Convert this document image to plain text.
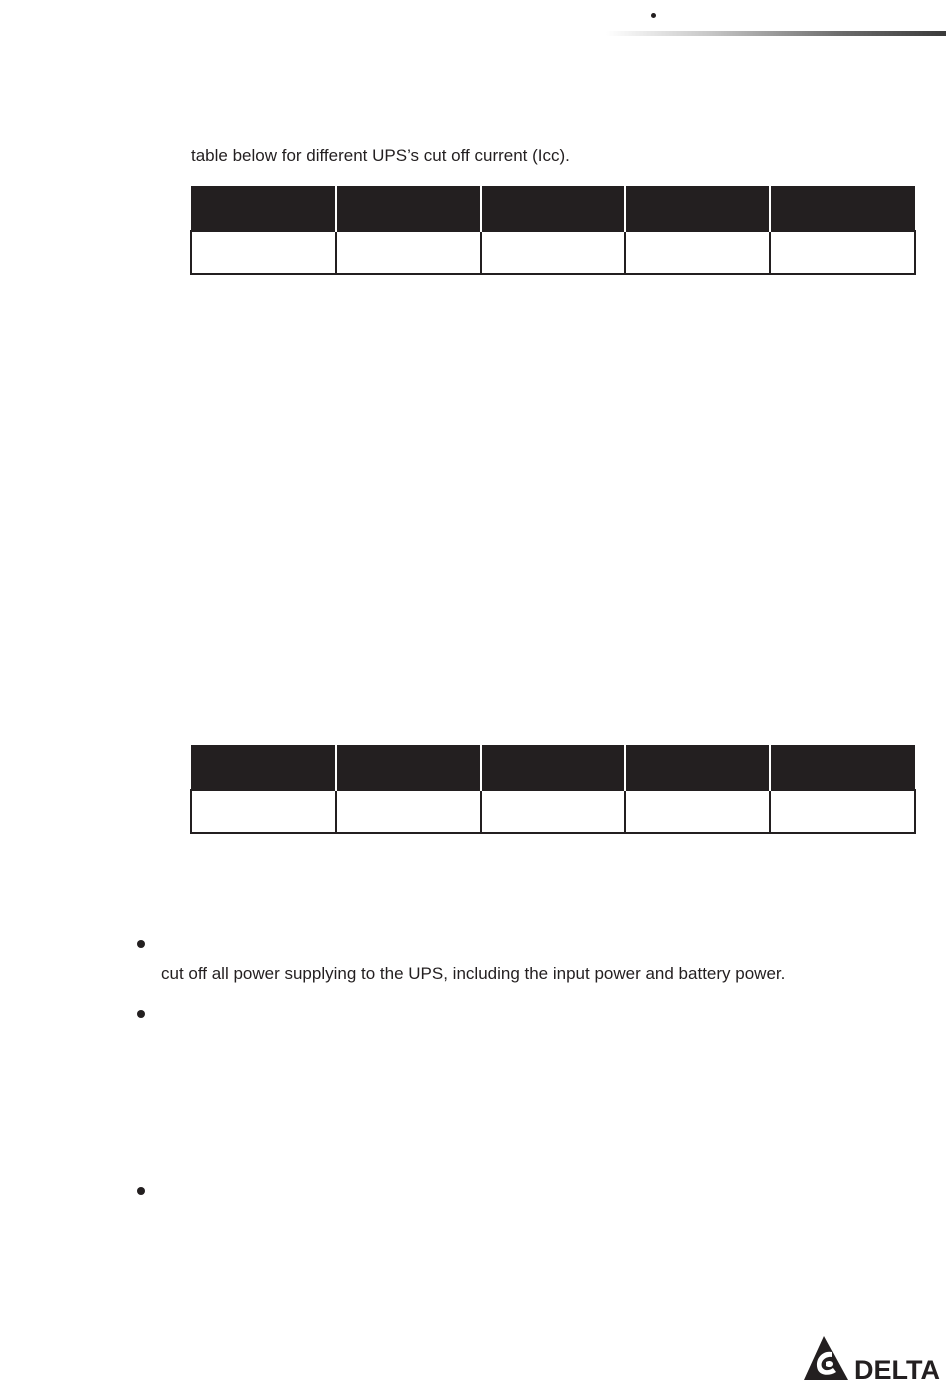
table below for different UPS’s cut off current (Icc).

cut off all power supplying to the UPS, including the input power and battery power.
DELTA
